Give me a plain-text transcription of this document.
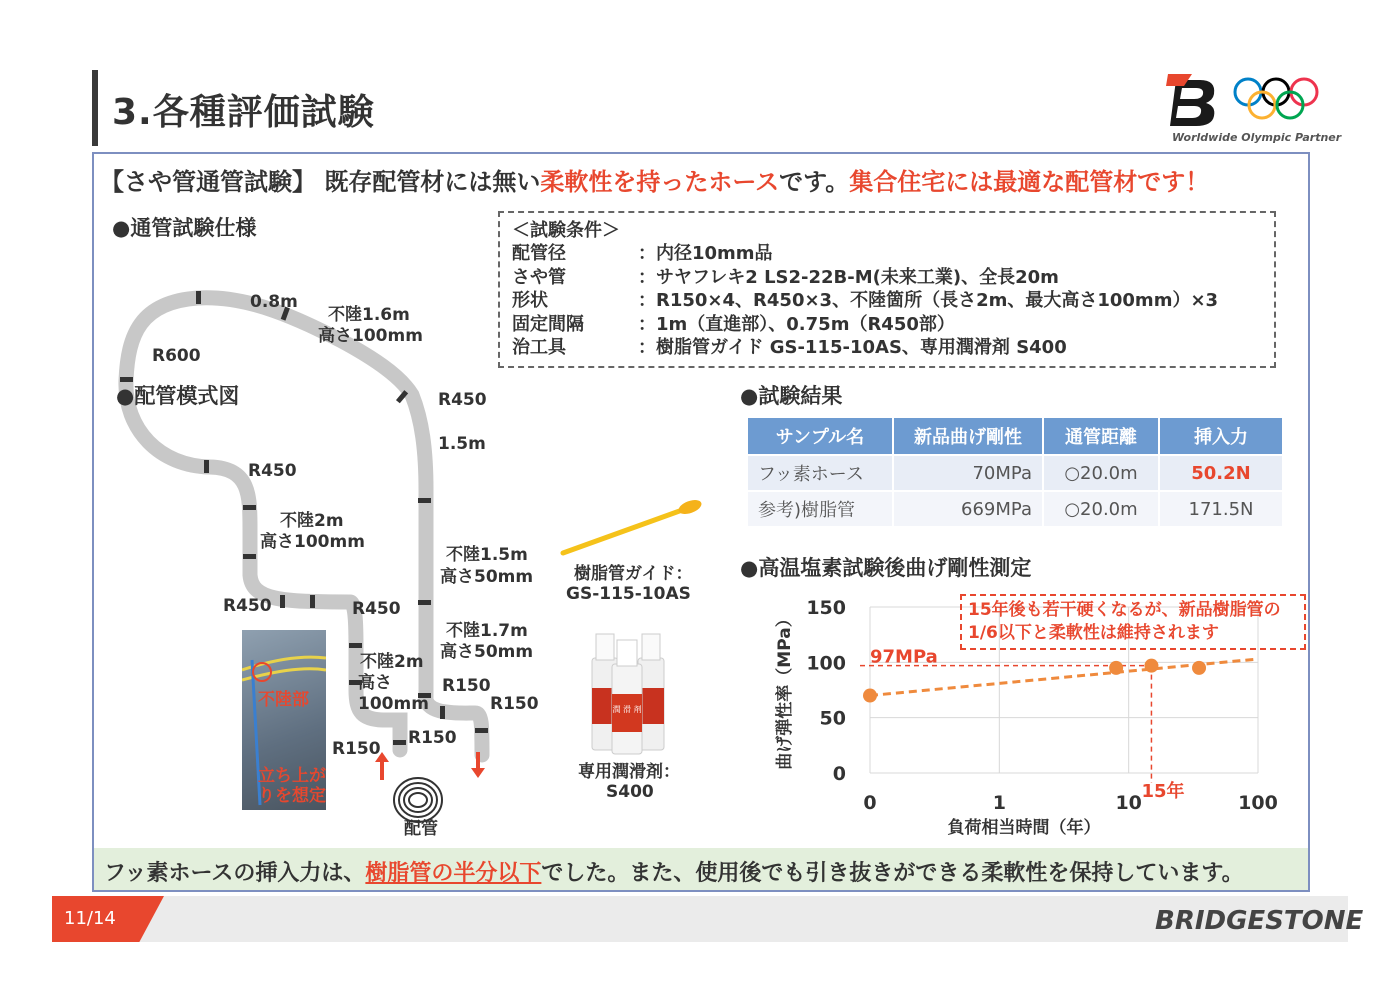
3.各種評価試験
Worldwide Olympic Partner
【さや管通管試験】 既存配管材には無い柔軟性を持ったホースです。集合住宅には最適な配管材です！
●通管試験仕様	＜試験条件＞
配管径	：内径10mm品
さや管	：サヤフレキ2 LS2-22B-M(未来工業)、全長20m
形状	：R150×4、R450×3、不陸箇所（長さ2m、最大高さ100mm）×3
固定間隔	：1m（直進部）、0.75m（R450部）
治工具	：樹脂管ガイド GS-115-10AS、専用潤滑剤 S400
●配管模式図
0.8m
不陸1.6m
高さ100mm
R600
R450
1.5m
R450
不陸2m
高さ100mm
不陸1.5m
高さ50mm
R450	R450
不陸1.7m
高さ50mm
不陸2m
高さ
100mm
R150
R150
R150
R150
配管
不陸部
立ち上が
りを想定
樹脂管ガイド：
GS-115-10AS
潤 滑 剤
専用潤滑剤：
S400
●試験結果
サンプル名	新品曲げ剛性	通管距離	挿入力
フッ素ホース	70MPa	○20.0m	50.2N
参考)樹脂管	669MPa	○20.0m	171.5N
●高温塩素試験後曲げ剛性測定
0
50
100
150
0	1	10	100
負荷相当時間（年）
曲げ弾性率（MPa）	97MPa
15年
15年後も若干硬くなるが、新品樹脂管の1/6以下と柔軟性は維持されます
フッ素ホースの挿入力は、樹脂管の半分以下でした。また、使用後でも引き抜きができる柔軟性を保持しています。
11/14	BRIDGESTONE
